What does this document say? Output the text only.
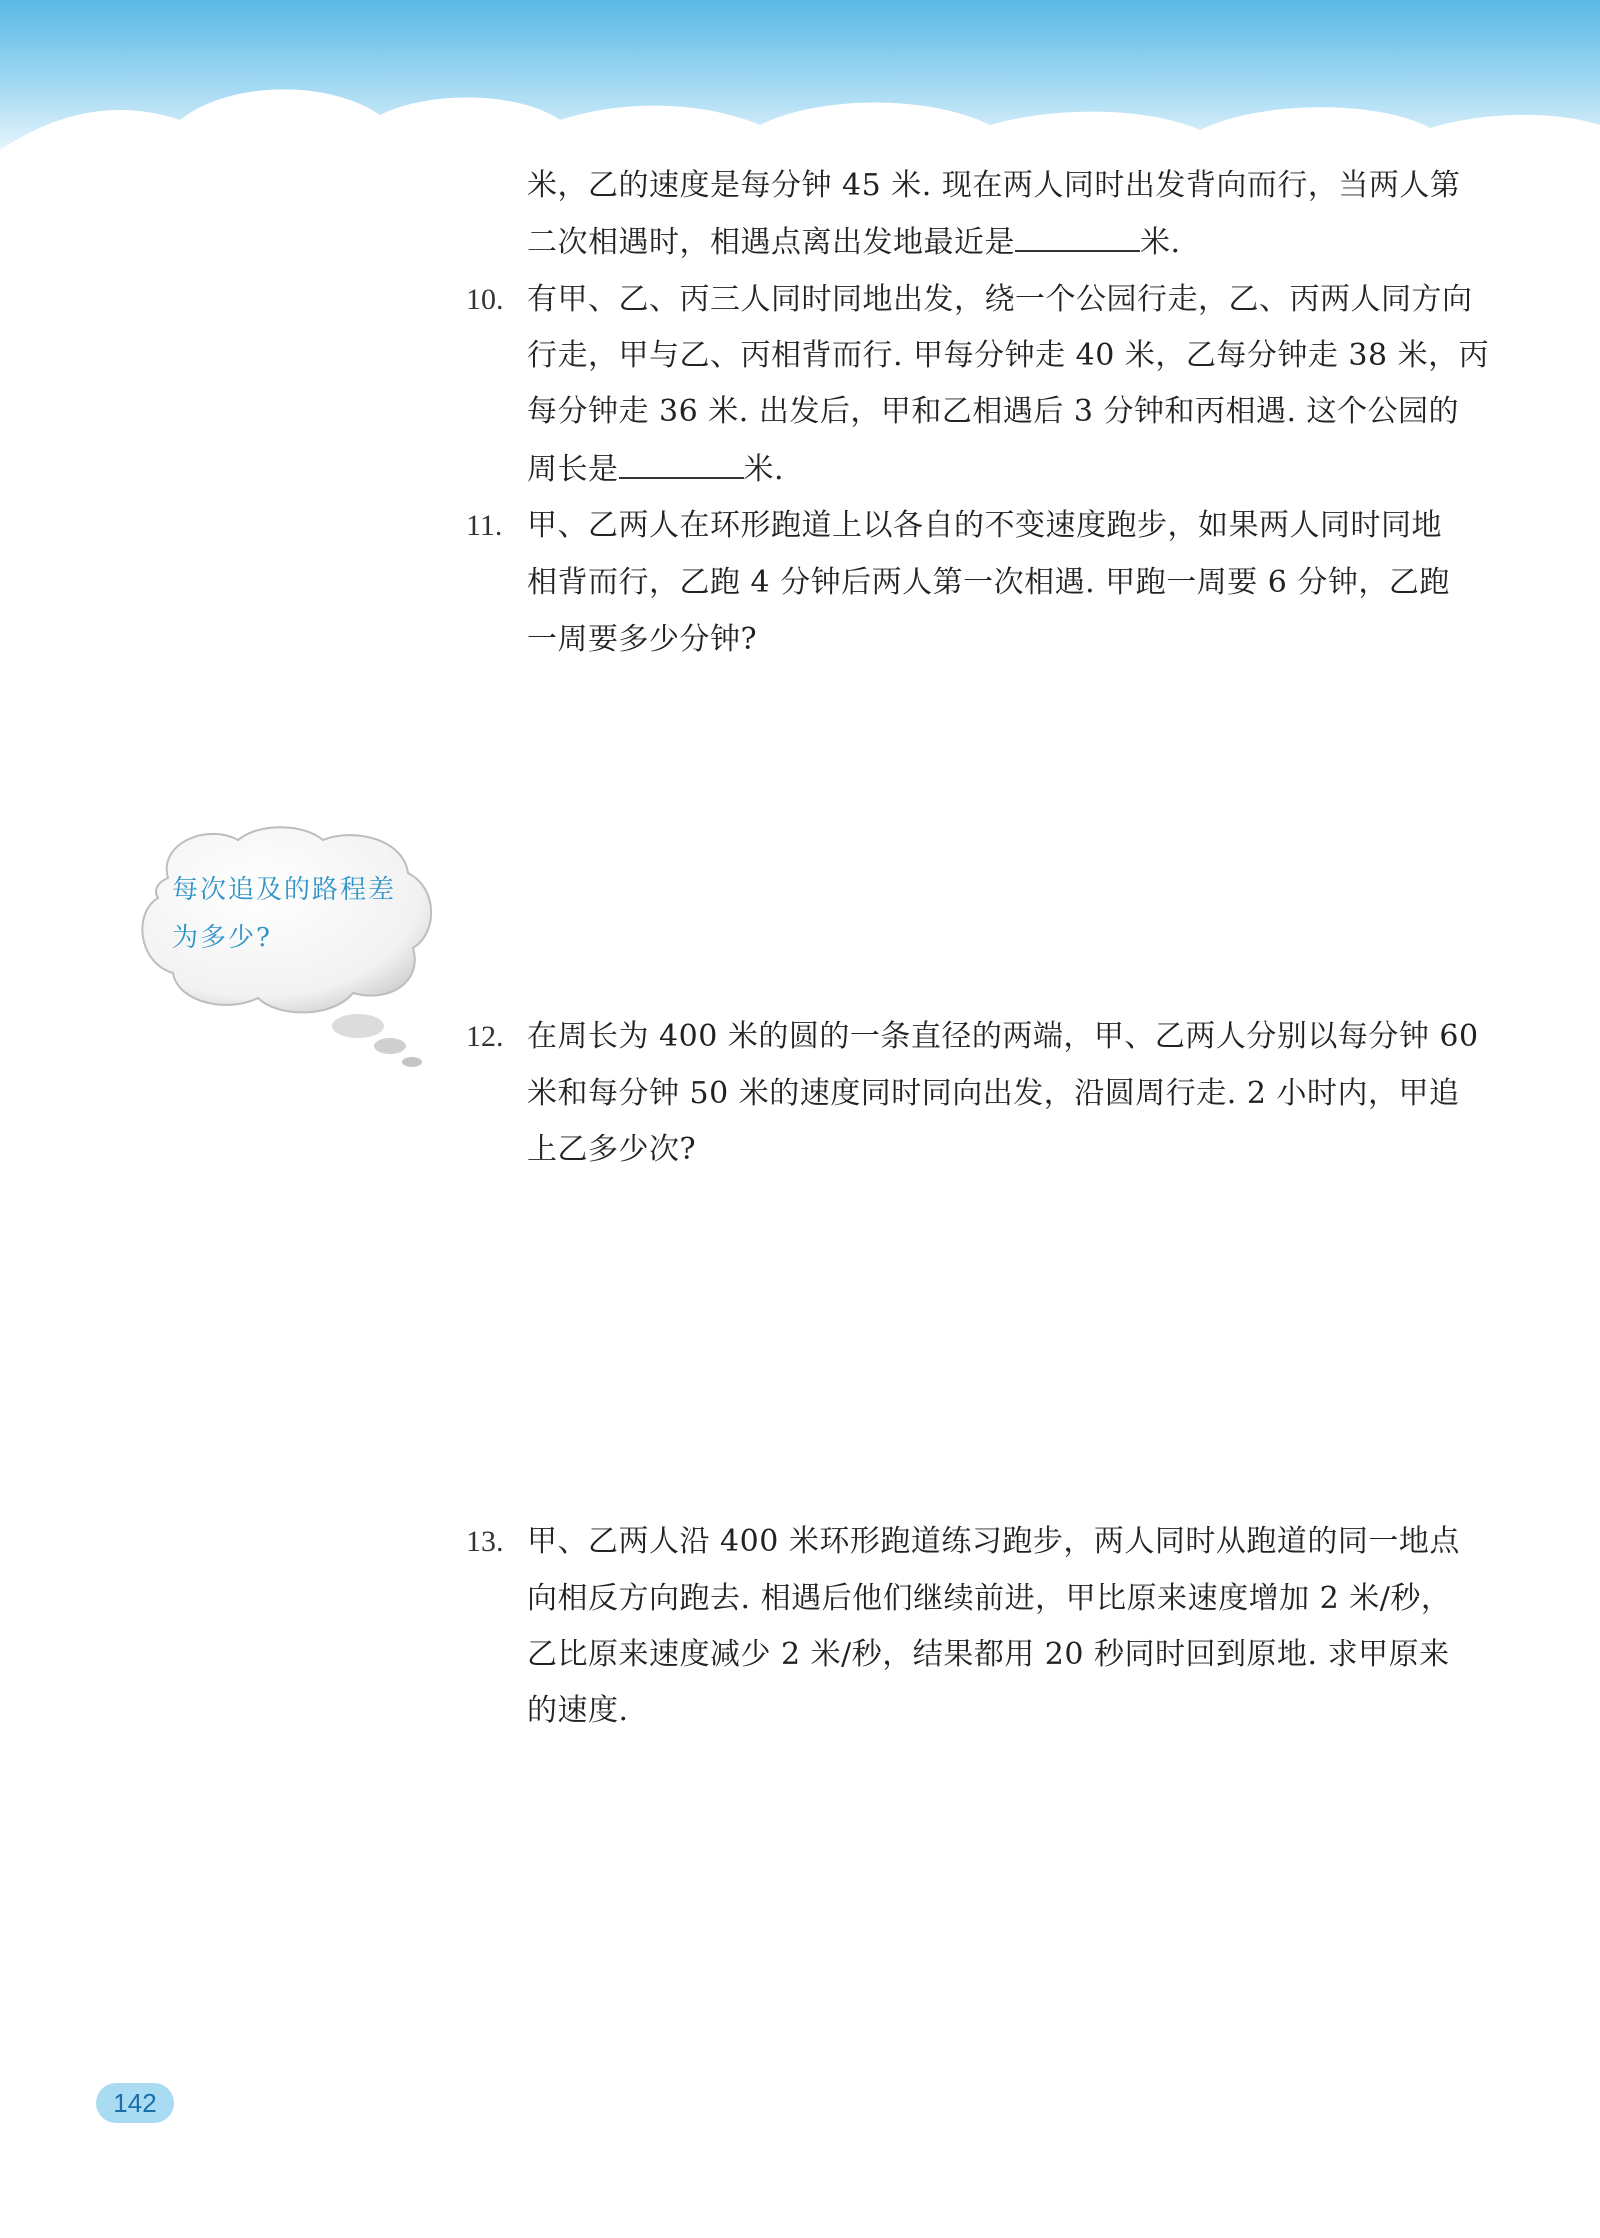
米，乙的速度是每分钟 45 米. 现在两人同时出发背向而行，当两人第
二次相遇时，相遇点离出发地最近是	米.
10. 有甲、乙、丙三人同时同地出发，绕一个公园行走，乙、丙两人同方向
行走，甲与乙、丙相背而行. 甲每分钟走 40 米，乙每分钟走 38 米，丙
每分钟走 36 米. 出发后，甲和乙相遇后 3 分钟和丙相遇. 这个公园的
周长是	米.
11. 甲、乙两人在环形跑道上以各自的不变速度跑步，如果两人同时同地
相背而行，乙跑 4 分钟后两人第一次相遇. 甲跑一周要 6 分钟，乙跑
一周要多少分钟?
每次追及的路程差
为多少?
12. 在周长为 400 米的圆的一条直径的两端，甲、乙两人分别以每分钟 60
米和每分钟 50 米的速度同时同向出发，沿圆周行走. 2 小时内，甲追
上乙多少次?
13. 甲、乙两人沿 400 米环形跑道练习跑步，两人同时从跑道的同一地点
向相反方向跑去. 相遇后他们继续前进，甲比原来速度增加 2 米/秒，
乙比原来速度减少 2 米/秒，结果都用 20 秒同时回到原地. 求甲原来
的速度.
142
